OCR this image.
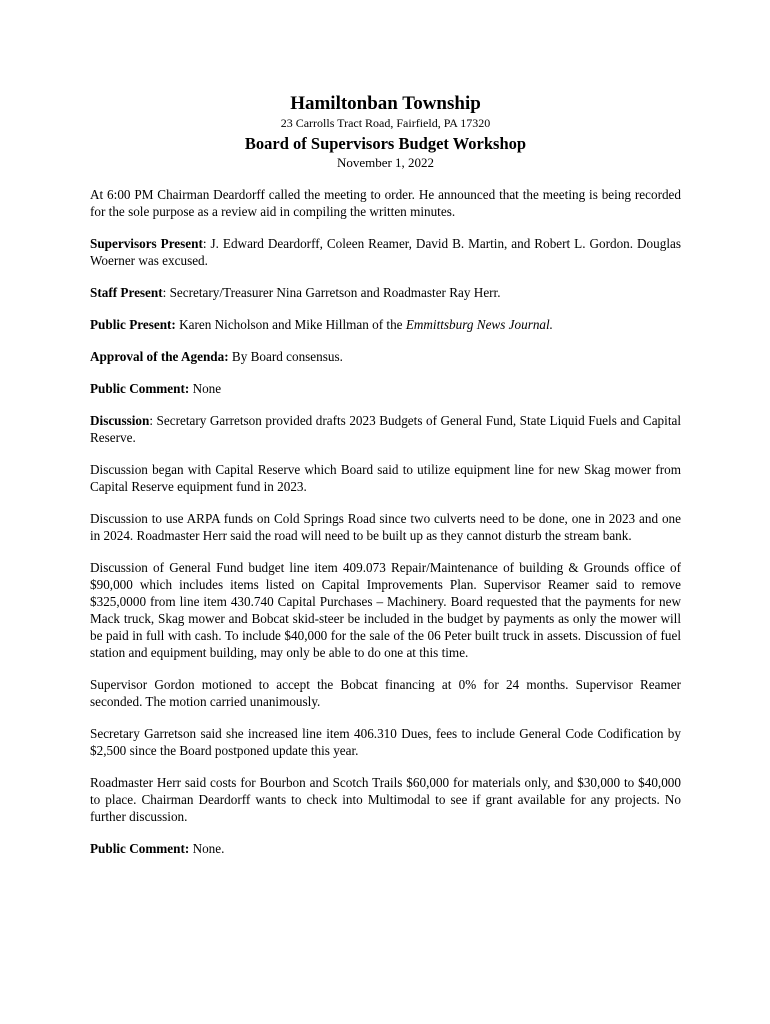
Hamiltonban Township
23 Carrolls Tract Road, Fairfield, PA 17320
Board of Supervisors Budget Workshop
November 1, 2022

At 6:00 PM Chairman Deardorff called the meeting to order. He announced that the meeting is being recorded for the sole purpose as a review aid in compiling the written minutes.

Supervisors Present: J. Edward Deardorff, Coleen Reamer, David B. Martin, and Robert L. Gordon. Douglas Woerner was excused.

Staff Present: Secretary/Treasurer Nina Garretson and Roadmaster Ray Herr.

Public Present: Karen Nicholson and Mike Hillman of the Emmittsburg News Journal.

Approval of the Agenda: By Board consensus.

Public Comment: None

Discussion: Secretary Garretson provided drafts 2023 Budgets of General Fund, State Liquid Fuels and Capital Reserve.

Discussion began with Capital Reserve which Board said to utilize equipment line for new Skag mower from Capital Reserve equipment fund in 2023.

Discussion to use ARPA funds on Cold Springs Road since two culverts need to be done, one in 2023 and one in 2024. Roadmaster Herr said the road will need to be built up as they cannot disturb the stream bank.

Discussion of General Fund budget line item 409.073 Repair/Maintenance of building & Grounds office of $90,000 which includes items listed on Capital Improvements Plan. Supervisor Reamer said to remove $325,0000 from line item 430.740 Capital Purchases – Machinery. Board requested that the payments for new Mack truck, Skag mower and Bobcat skid-steer be included in the budget by payments as only the mower will be paid in full with cash. To include $40,000 for the sale of the 06 Peter built truck in assets. Discussion of fuel station and equipment building, may only be able to do one at this time.

Supervisor Gordon motioned to accept the Bobcat financing at 0% for 24 months. Supervisor Reamer seconded. The motion carried unanimously.

Secretary Garretson said she increased line item 406.310 Dues, fees to include General Code Codification by $2,500 since the Board postponed update this year.

Roadmaster Herr said costs for Bourbon and Scotch Trails $60,000 for materials only, and $30,000 to $40,000 to place. Chairman Deardorff wants to check into Multimodal to see if grant available for any projects. No further discussion.

Public Comment: None.
